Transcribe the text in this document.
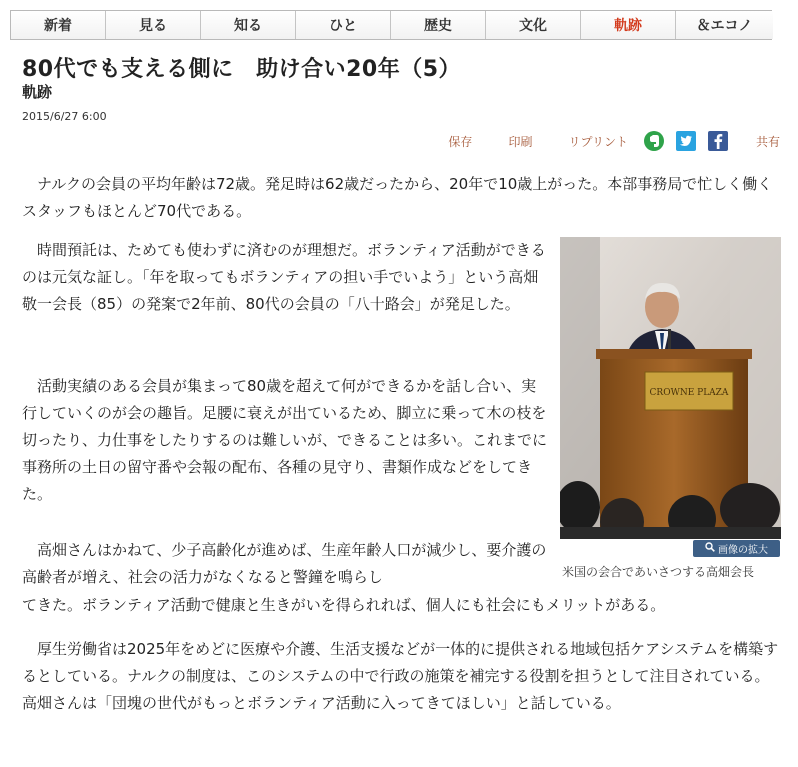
新着	見る	知る	ひと	歴史	文化	軌跡	＆エコノ
80代でも支える側に　助け合い20年（5）
軌跡
2015/6/27 6:00
保存	印刷	リプリント	共有

　ナルクの会員の平均年齢は72歳。発足時は62歳だったから、20年で10歳上がった。本部事務局で忙しく働くスタッフもほとんど70代である。

　時間預託は、ためても使わずに済むのが理想だ。ボランティア活動ができるのは元気な証し。「年を取ってもボランティアの担い手でいよう」という高畑敬一会長（85）の発案で2年前、80代の会員の「八十路会」が発足した。

　活動実績のある会員が集まって80歳を超えて何ができるかを話し合い、実行していくのが会の趣旨。足腰に衰えが出ているため、脚立に乗って木の枝を切ったり、力仕事をしたりするのは難しいが、できることは多い。これまでに事務所の土日の留守番や会報の配布、各種の見守り、書類作成などをしてきた。

　高畑さんはかねて、少子高齢化が進めば、生産年齢人口が減少し、要介護の高齢者が増え、社会の活力がなくなると警鐘を鳴らし

てきた。ボランティア活動で健康と生きがいを得られれば、個人にも社会にもメリットがある。

　厚生労働省は2025年をめどに医療や介護、生活支援などが一体的に提供される地域包括ケアシステムを構築するとしている。ナルクの制度は、このシステムの中で行政の施策を補完する役割を担うとして注目されている。高畑さんは「団塊の世代がもっとボランティア活動に入ってきてほしい」と話している。

CROWNE PLAZA
画像の拡大
米国の会合であいさつする高畑会長
